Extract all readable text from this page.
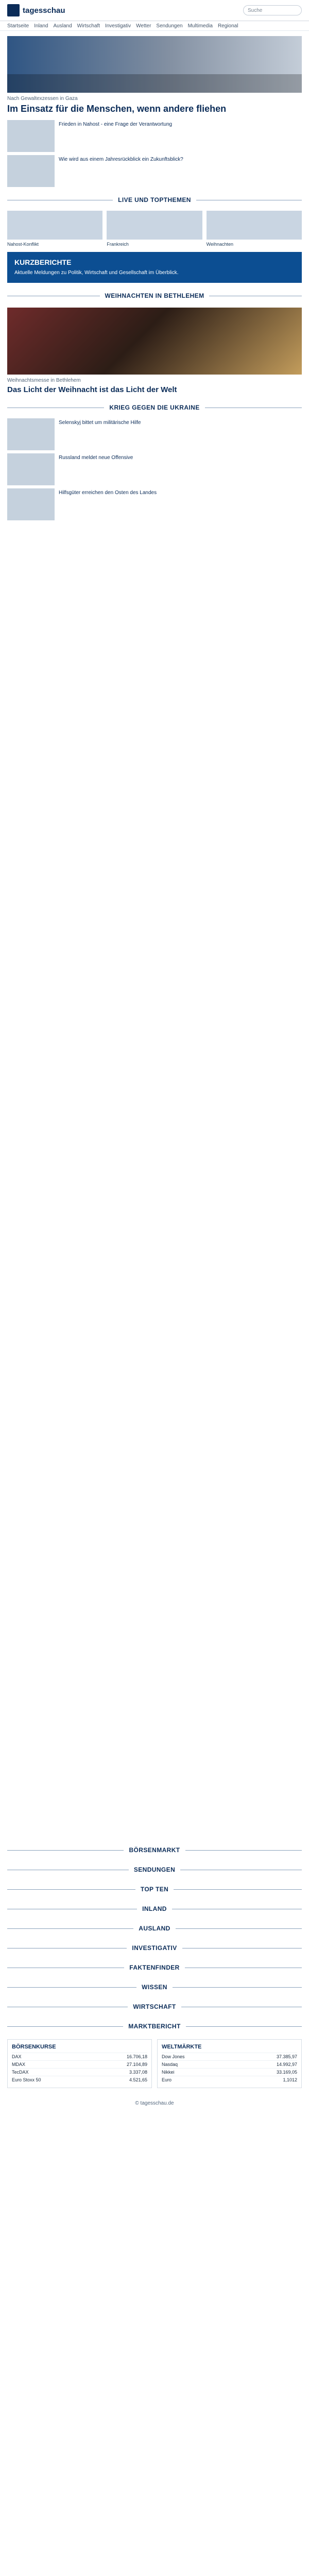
tagesschau	Suche
Startseite Inland Ausland Wirtschaft Investigativ Wetter Sendungen Multimedia Regional
Nach Gewaltexzessen in Gaza
Im Einsatz für die Menschen, wenn andere fliehen
Frieden in Nahost - eine Frage der Verantwortung
Wie wird aus einem Jahresrückblick ein Zukunftsblick?
LIVE UND TOPTHEMEN
Nahost-Konflikt	Frankreich	Weihnachten
KURZBERICHTE
Aktuelle Meldungen zu Politik, Wirtschaft und Gesellschaft im Überblick.
WEIHNACHTEN IN BETHLEHEM
Weihnachtsmesse in Bethlehem
Das Licht der Weihnacht ist das Licht der Welt
KRIEG GEGEN DIE UKRAINE
Selenskyj bittet um militärische Hilfe
Russland meldet neue Offensive
Hilfsgüter erreichen den Osten des Landes
BÖRSENMARKT
SENDUNGEN
TOP TEN
INLAND
AUSLAND
INVESTIGATIV
FAKTENFINDER
WISSEN
WIRTSCHAFT
MARKTBERICHT
BÖRSENKURSE
DAX	16.706,18
MDAX	27.104,89
TecDAX	3.337,08
Euro Stoxx 50	4.521,65
WELTMÄRKTE
Dow Jones	37.385,97
Nasdaq	14.992,97
Nikkei	33.169,05
Euro	1,1012
© tagesschau.de
